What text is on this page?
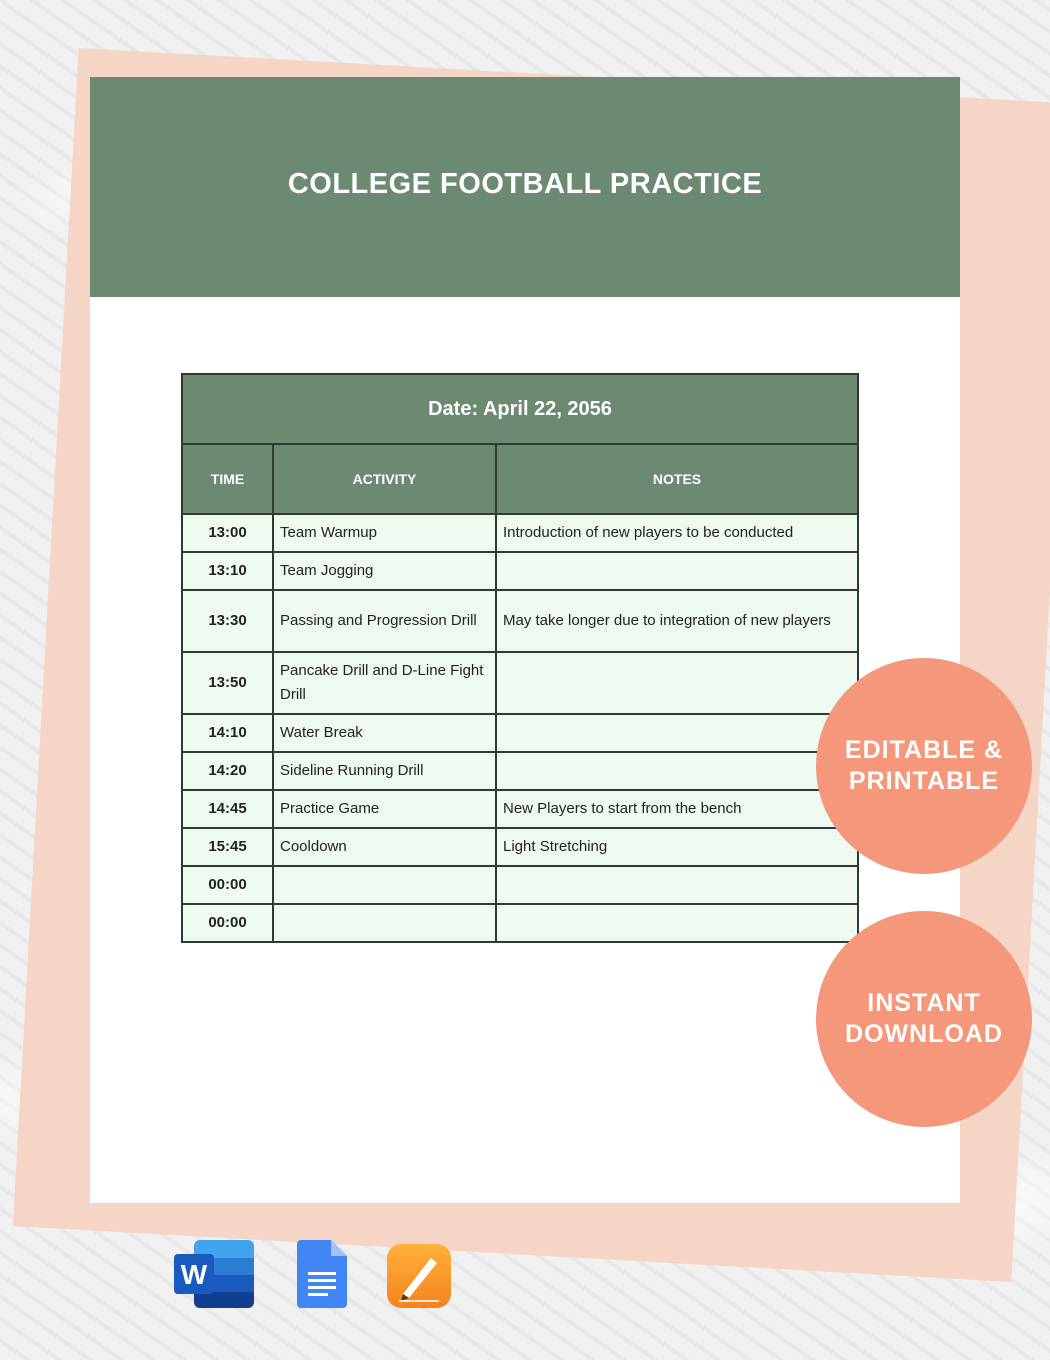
COLLEGE FOOTBALL PRACTICE
Date: April 22, 2056		
TIME	ACTIVITY	NOTES
13:00	Team Warmup	Introduction of new players to be conducted
13:10	Team Jogging	
13:30	Passing and Progression Drill	May take longer due to integration of new players
13:50	Pancake Drill and D-Line Fight Drill	
14:10	Water Break	
14:20	Sideline Running Drill	
14:45	Practice Game	New Players to start from the bench
15:45	Cooldown	Light Stretching
00:00		
00:00		
EDITABLE &
PRINTABLE
INSTANT
DOWNLOAD
W
